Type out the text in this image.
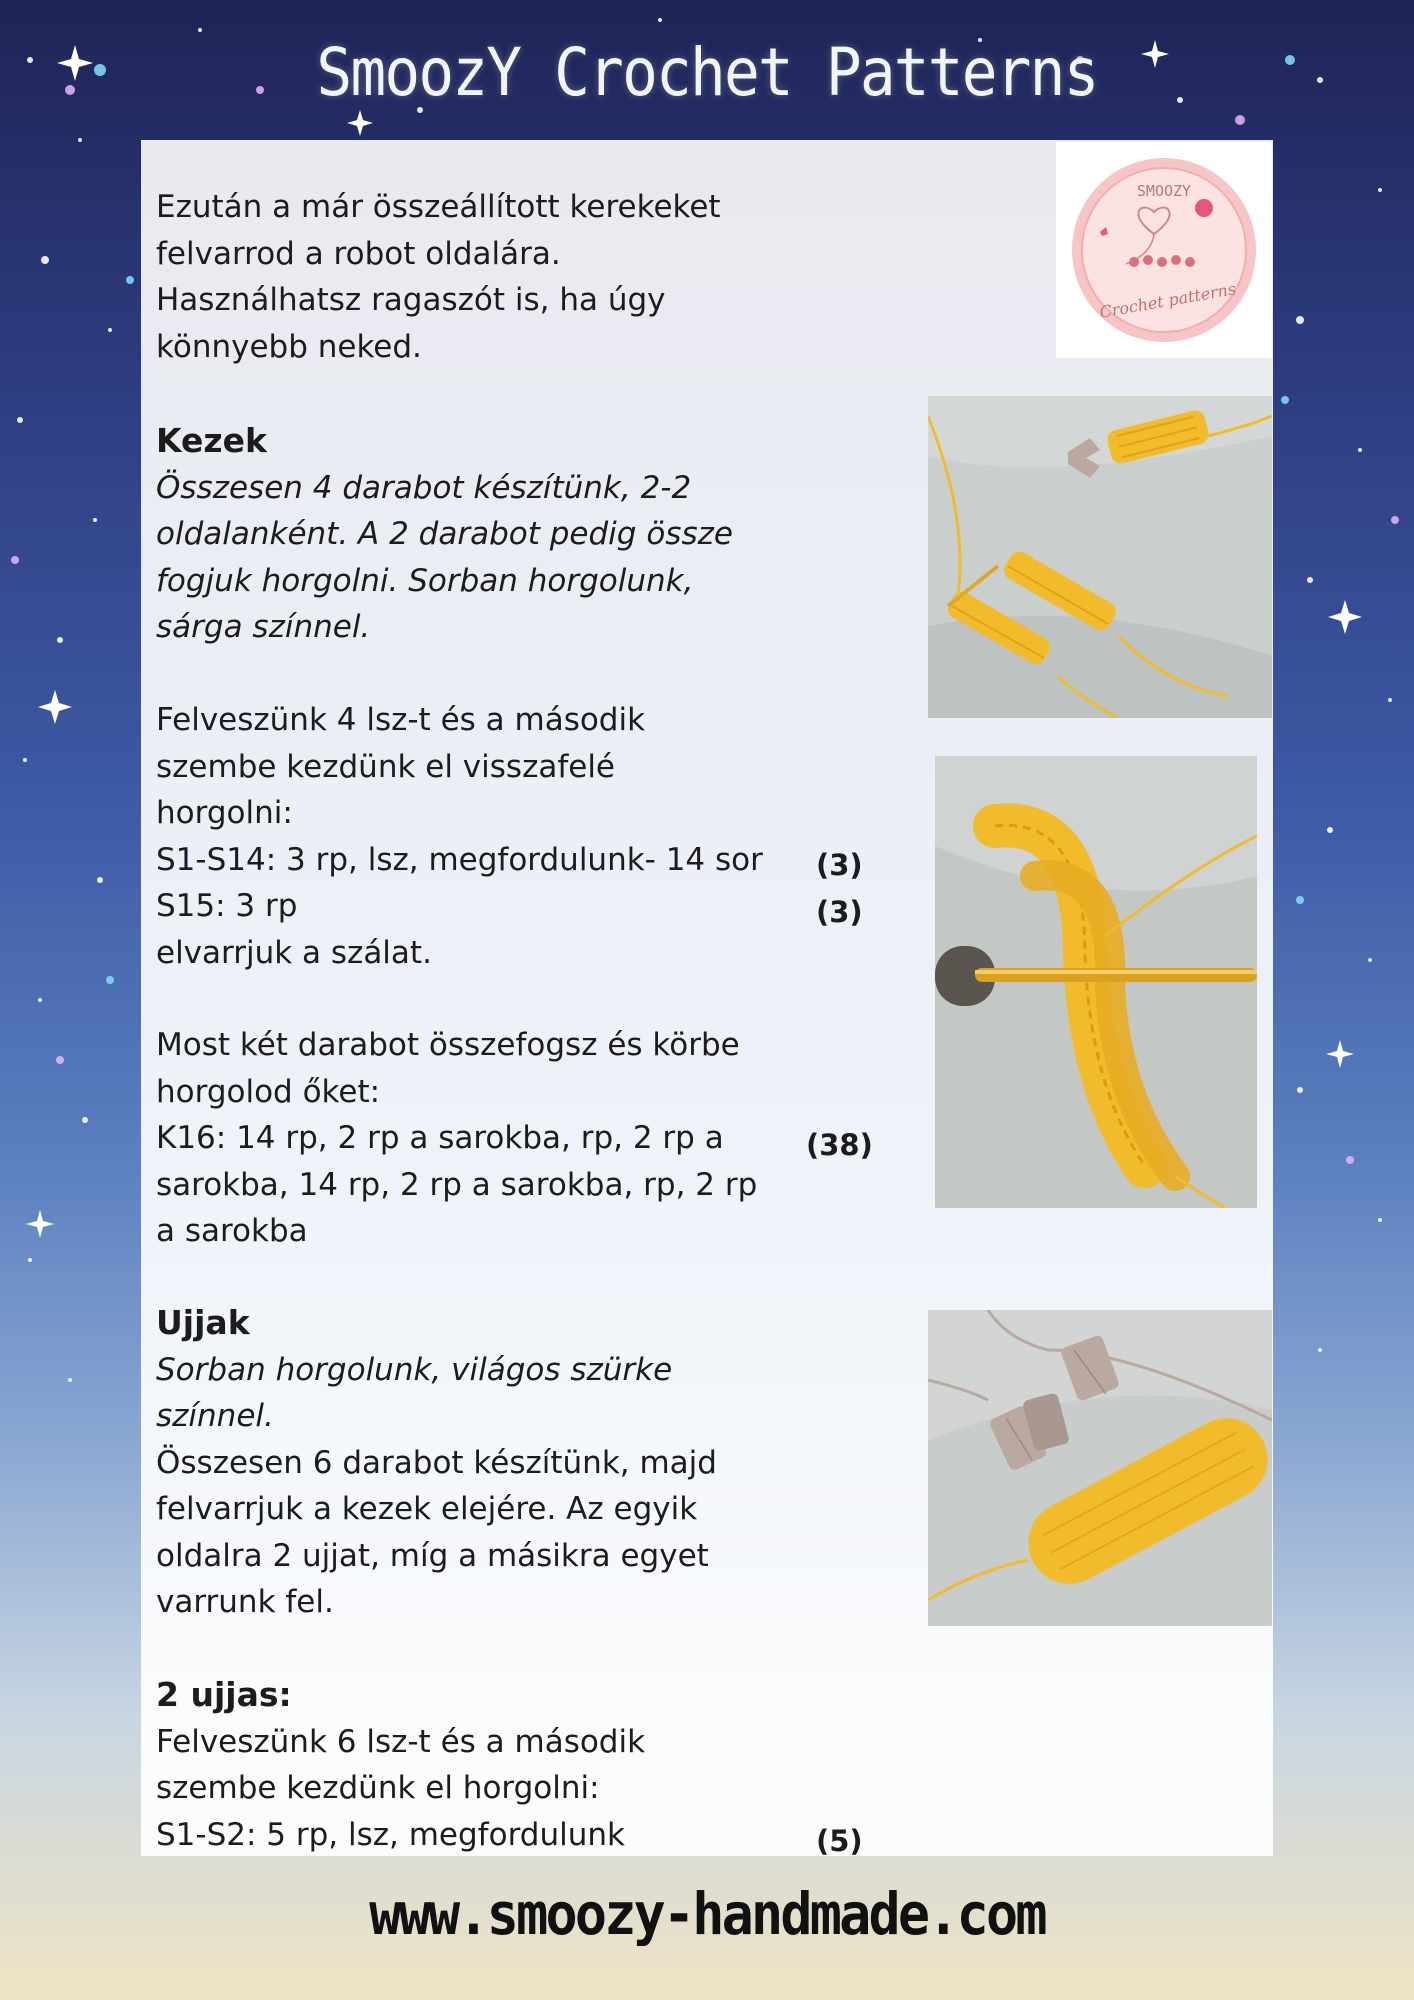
SmoozY Crochet Patterns
SMOOZY
Crochet patterns

Ezután a már összeállított kerekeket

felvarrod a robot oldalára.

Használhatsz ragaszót is, ha úgy

könnyebb neked.

Kezek

Összesen 4 darabot készítünk, 2-2

oldalanként. A 2 darabot pedig össze

fogjuk horgolni. Sorban horgolunk,

sárga színnel.

Felveszünk 4 lsz-t és a második

szembe kezdünk el visszafelé

horgolni:

S1-S14: 3 rp, lsz, megfordulunk- 14 sor

S15: 3 rp

elvarrjuk a szálat.

(3)
(3)

Most két darabot összefogsz és körbe

horgolod őket:

K16: 14 rp, 2 rp a sarokba, rp, 2 rp a

sarokba, 14 rp, 2 rp a sarokba, rp, 2 rp

a sarokba

(38)

Ujjak

Sorban horgolunk, világos szürke

színnel.

Összesen 6 darabot készítünk, majd

felvarrjuk a kezek elejére. Az egyik

oldalra 2 ujjat, míg a másikra egyet

varrunk fel.

2 ujjas:

Felveszünk 6 lsz-t és a második

szembe kezdünk el horgolni:

S1-S2: 5 rp, lsz, megfordulunk	(5)
www.smoozy-handmade.com
